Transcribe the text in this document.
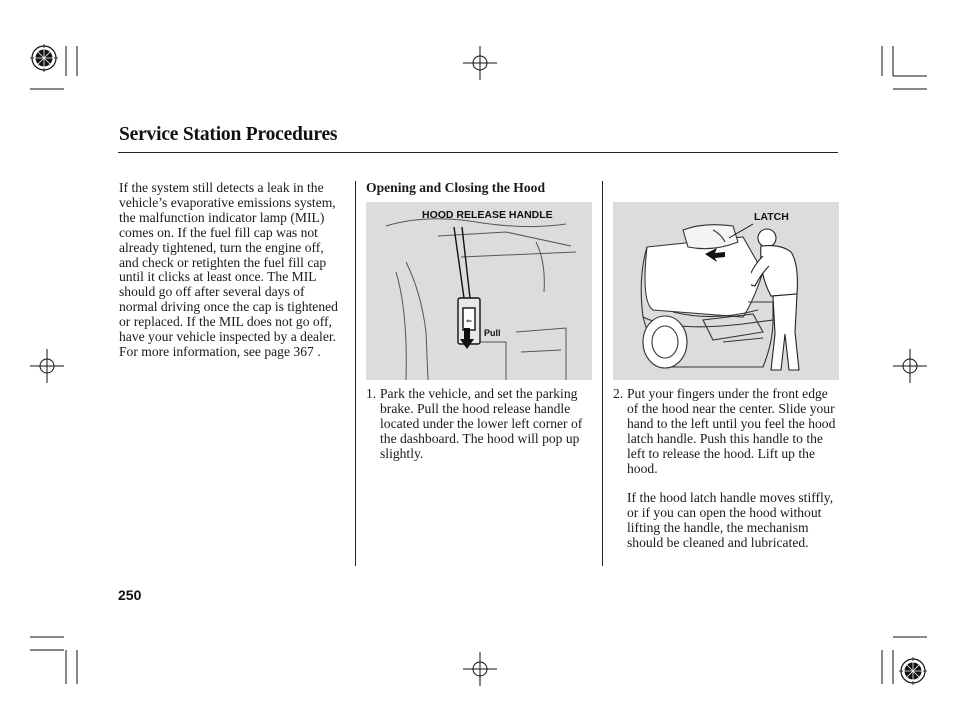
Service Station Procedures
If the system still detects a leak in the vehicle’s evaporative emissions system, the malfunction indicator lamp (MIL) comes on. If the fuel fill cap was not already tightened, turn the engine off, and check or retighten the fuel fill cap until it clicks at least once. The MIL should go off after several days of normal driving once the cap is tightened or replaced. If the MIL does not go off, have your vehicle inspected by a dealer. For more information, see page 367 .
Opening and Closing the Hood
⇐
HOOD RELEASE HANDLE
Pull
1. Park the vehicle, and set the parking brake. Pull the hood release handle located under the lower left corner of the dashboard. The hood will pop up slightly.
LATCH
2. Put your fingers under the front edge of the hood near the center. Slide your hand to the left until you feel the hood latch handle. Push this handle to the left to release the hood. Lift up the hood.
If the hood latch handle moves stiffly, or if you can open the hood without lifting the handle, the mechanism should be cleaned and lubricated.
250
